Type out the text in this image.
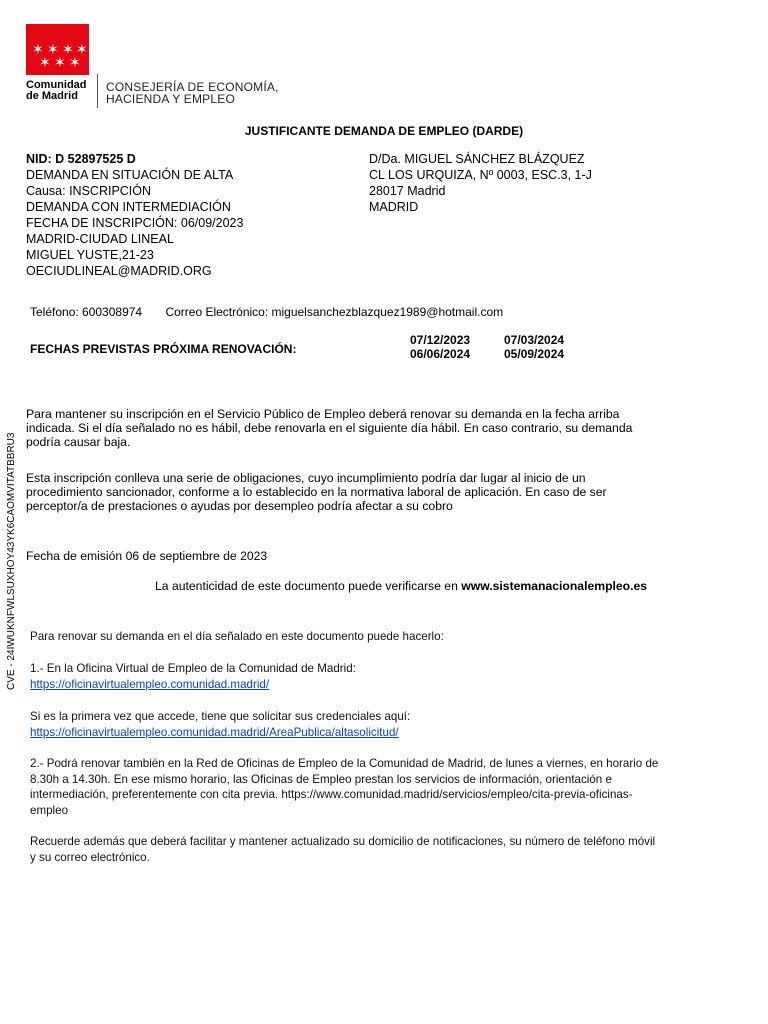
✶ ✶ ✶ ✶
✶ ✶ ✶
Comunidad
de Madrid
CONSEJERÍA DE ECONOMÍA,
HACIENDA Y EMPLEO
JUSTIFICANTE DEMANDA DE EMPLEO (DARDE)
NID: D 52897525 D
DEMANDA EN SITUACIÓN DE ALTA
Causa: INSCRIPCIÓN
DEMANDA CON INTERMEDIACIÓN
FECHA DE INSCRIPCIÓN: 06/09/2023
MADRID-CIUDAD LINEAL
MIGUEL YUSTE,21-23
OECIUDLINEAL@MADRID.ORG
D/Da. MIGUEL SÁNCHEZ BLÁZQUEZ
CL LOS URQUIZA, Nº 0003, ESC.3, 1-J
28017 Madrid
MADRID
Teléfono: 600308974 Correo Electrónico: miguelsanchezblazquez1989@hotmail.com
FECHAS PREVISTAS PRÓXIMA RENOVACIÓN:
07/12/2023	07/03/2024
06/06/2024	05/09/2024
CVE - 24IWUKNFWLSUXHOY43YK6CAOMVITATBBRU3
Para mantener su inscripción en el Servicio Público de Empleo deberá renovar su demanda en la fecha arriba
indicada. Si el día señalado no es hábil, debe renovarla en el siguiente día hábil. En caso contrario, su demanda
podría causar baja.
Esta inscripción conlleva una serie de obligaciones, cuyo incumplimiento podría dar lugar al inicio de un
procedimiento sancionador, conforme a lo establecido en la normativa laboral de aplicación. En caso de ser
perceptor/a de prestaciones o ayudas por desempleo podría afectar a su cobro
Fecha de emisión 06 de septiembre de 2023
La autenticidad de este documento puede verificarse en www.sistemanacionalempleo.es
Para renovar su demanda en el día señalado en este documento puede hacerlo:
1.- En la Oficina Virtual de Empleo de la Comunidad de Madrid:
https://oficinavirtualempleo.comunidad.madrid/
Si es la primera vez que accede, tiene que solicitar sus credenciales aquí:
https://oficinavirtualempleo.comunidad.madrid/AreaPublica/altasolicitud/
2.- Podrá renovar también en la Red de Oficinas de Empleo de la Comunidad de Madrid, de lunes a viernes, en horario de
8.30h a 14.30h. En ese mismo horario, las Oficinas de Empleo prestan los servicios de información, orientación e
intermediación, preferentemente con cita previa. https://www.comunidad.madrid/servicios/empleo/cita-previa-oficinas-
empleo
Recuerde además que deberá facilitar y mantener actualizado su domicilio de notificaciones, su número de teléfono móvil
y su correo electrónico.
